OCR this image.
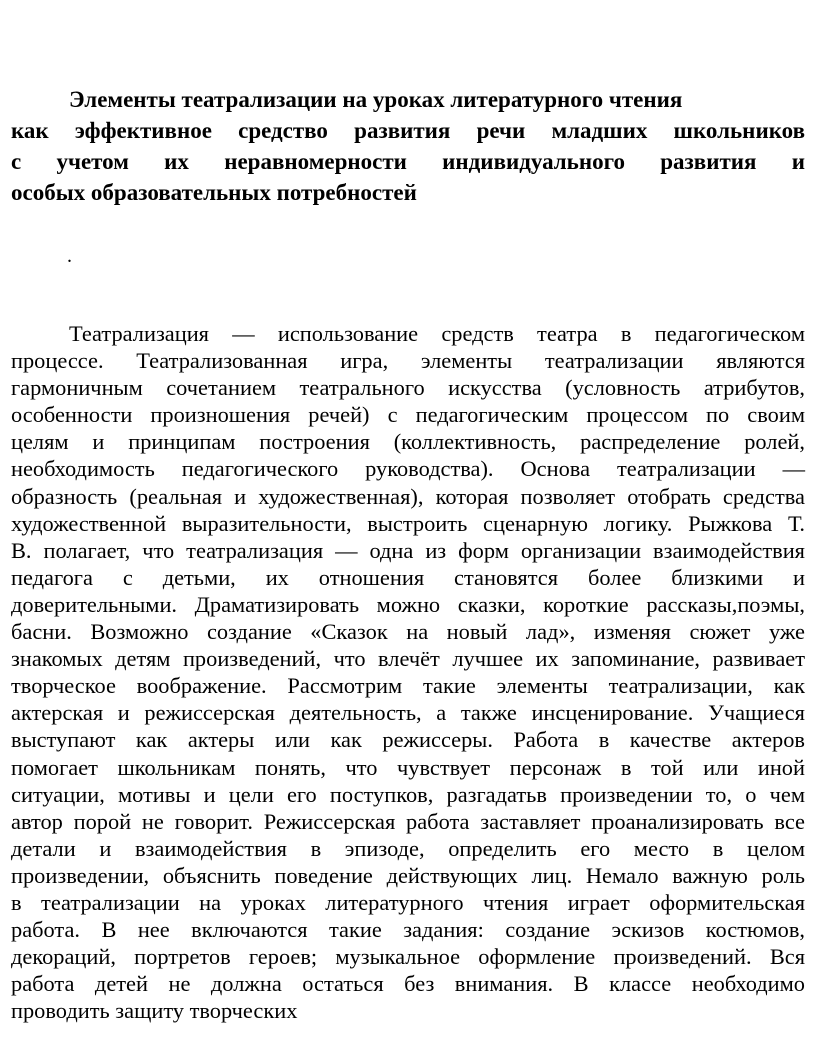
Элементы театрализации на уроках литературного чтения
как эффективное средство развития речи младших школьников
с учетом их неравномерности индивидуального развития и
особых образовательных потребностей
.
Театрализация — использование средств театра в педагогическом
процессе. Театрализованная игра, элементы театрализации являются
гармоничным сочетанием театрального искусства (условность атрибутов,
особенности произношения речей) с педагогическим процессом по своим
целям и принципам построения (коллективность, распределение ролей,
необходимость педагогического руководства). Основа театрализации —
образность (реальная и художественная), которая позволяет отобрать средства
художественной выразительности, выстроить сценарную логику. Рыжкова Т.
В. полагает, что театрализация — одна из форм организации взаимодействия
педагога с детьми, их отношения становятся более близкими и
доверительными. Драматизировать можно сказки, короткие рассказы,поэмы,
басни. Возможно создание «Сказок на новый лад», изменяя сюжет уже
знакомых детям произведений, что влечёт лучшее их запоминание, развивает
творческое воображение. Рассмотрим такие элементы театрализации, как
актерская и режиссерская деятельность, а также инсценирование. Учащиеся
выступают как актеры или как режиссеры. Работа в качестве актеров
помогает школьникам понять, что чувствует персонаж в той или иной
ситуации, мотивы и цели его поступков, разгадатьв произведении то, о чем
автор порой не говорит. Режиссерская работа заставляет проанализировать все
детали и взаимодействия в эпизоде, определить его место в целом
произведении, объяснить поведение действующих лиц. Немало важную роль
в театрализации на уроках литературного чтения играет оформительская
работа. В нее включаются такие задания: создание эскизов костюмов,
декораций, портретов героев; музыкальное оформление произведений. Вся
работа детей не должна остаться без внимания. В классе необходимо
проводить защиту творческих
